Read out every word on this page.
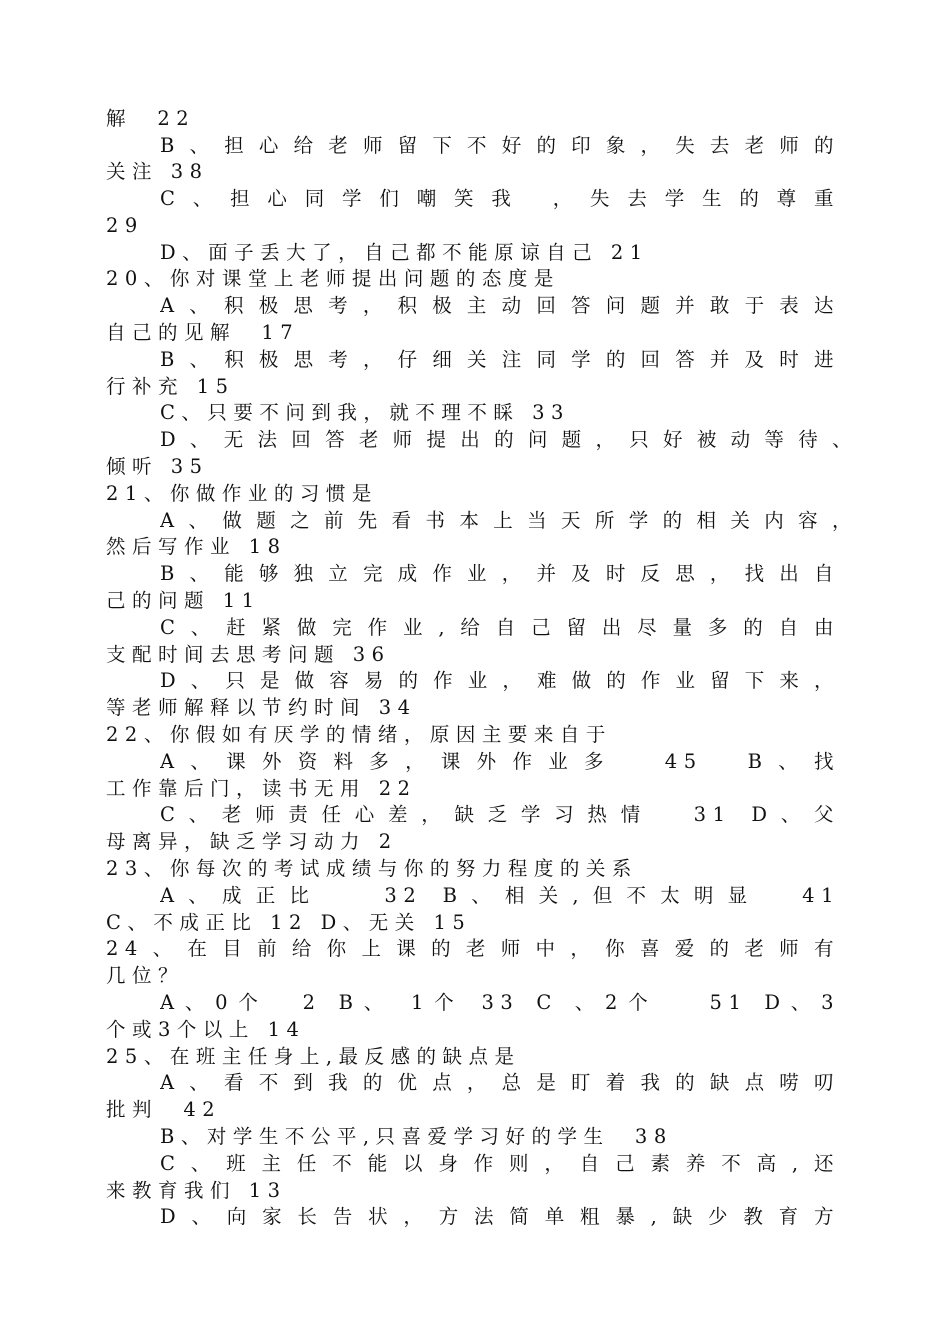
解  22
B、担心给老师留下不好的印象，失去老师的
关注 38
C、担心同学们嘲笑我 ，失去学生的尊重
29
D、面子丢大了，自己都不能原谅自己 21
20、你对课堂上老师提出问题的态度是
A、积极思考，积极主动回答问题并敢于表达
自己的见解  17
B、积极思考，仔细关注同学的回答并及时进
行补充 15
C、只要不问到我，就不理不睬 33
D、无法回答老师提出的问题，只好被动等待、
倾听 35
21、你做作业的习惯是
A、做题之前先看书本上当天所学的相关内容，
然后写作业 18
B、能够独立完成作业，并及时反思，找出自
己的问题 11
C、赶紧做完作业,给自己留出尽量多的自由
支配时间去思考问题 36
D、只是做容易的作业，难做的作业留下来，
等老师解释以节约时间 34
22、你假如有厌学的情绪，原因主要来自于
A、课外资料多，课外作业多  45  B、找
工作靠后门，读书无用 22
C、老师责任心差，缺乏学习热情  31 D、父
母离异，缺乏学习动力 2
23、你每次的考试成绩与你的努力程度的关系
A、成正比   32 B、相关,但不太明显  41
C、不成正比 12 D、无关 15
24、在目前给你上课的老师中，你喜爱的老师有
几位？
A、0个  2 B、 1个 33 C 、2个   51 D、3
个或3个以上 14
25、在班主任身上,最反感的缺点是
A、看不到我的优点，总是盯着我的缺点唠叨
批判  42
B、对学生不公平,只喜爱学习好的学生  38
C、班主任不能以身作则，自己素养不高,还
来教育我们 13
D、向家长告状，方法简单粗暴,缺少教育方
